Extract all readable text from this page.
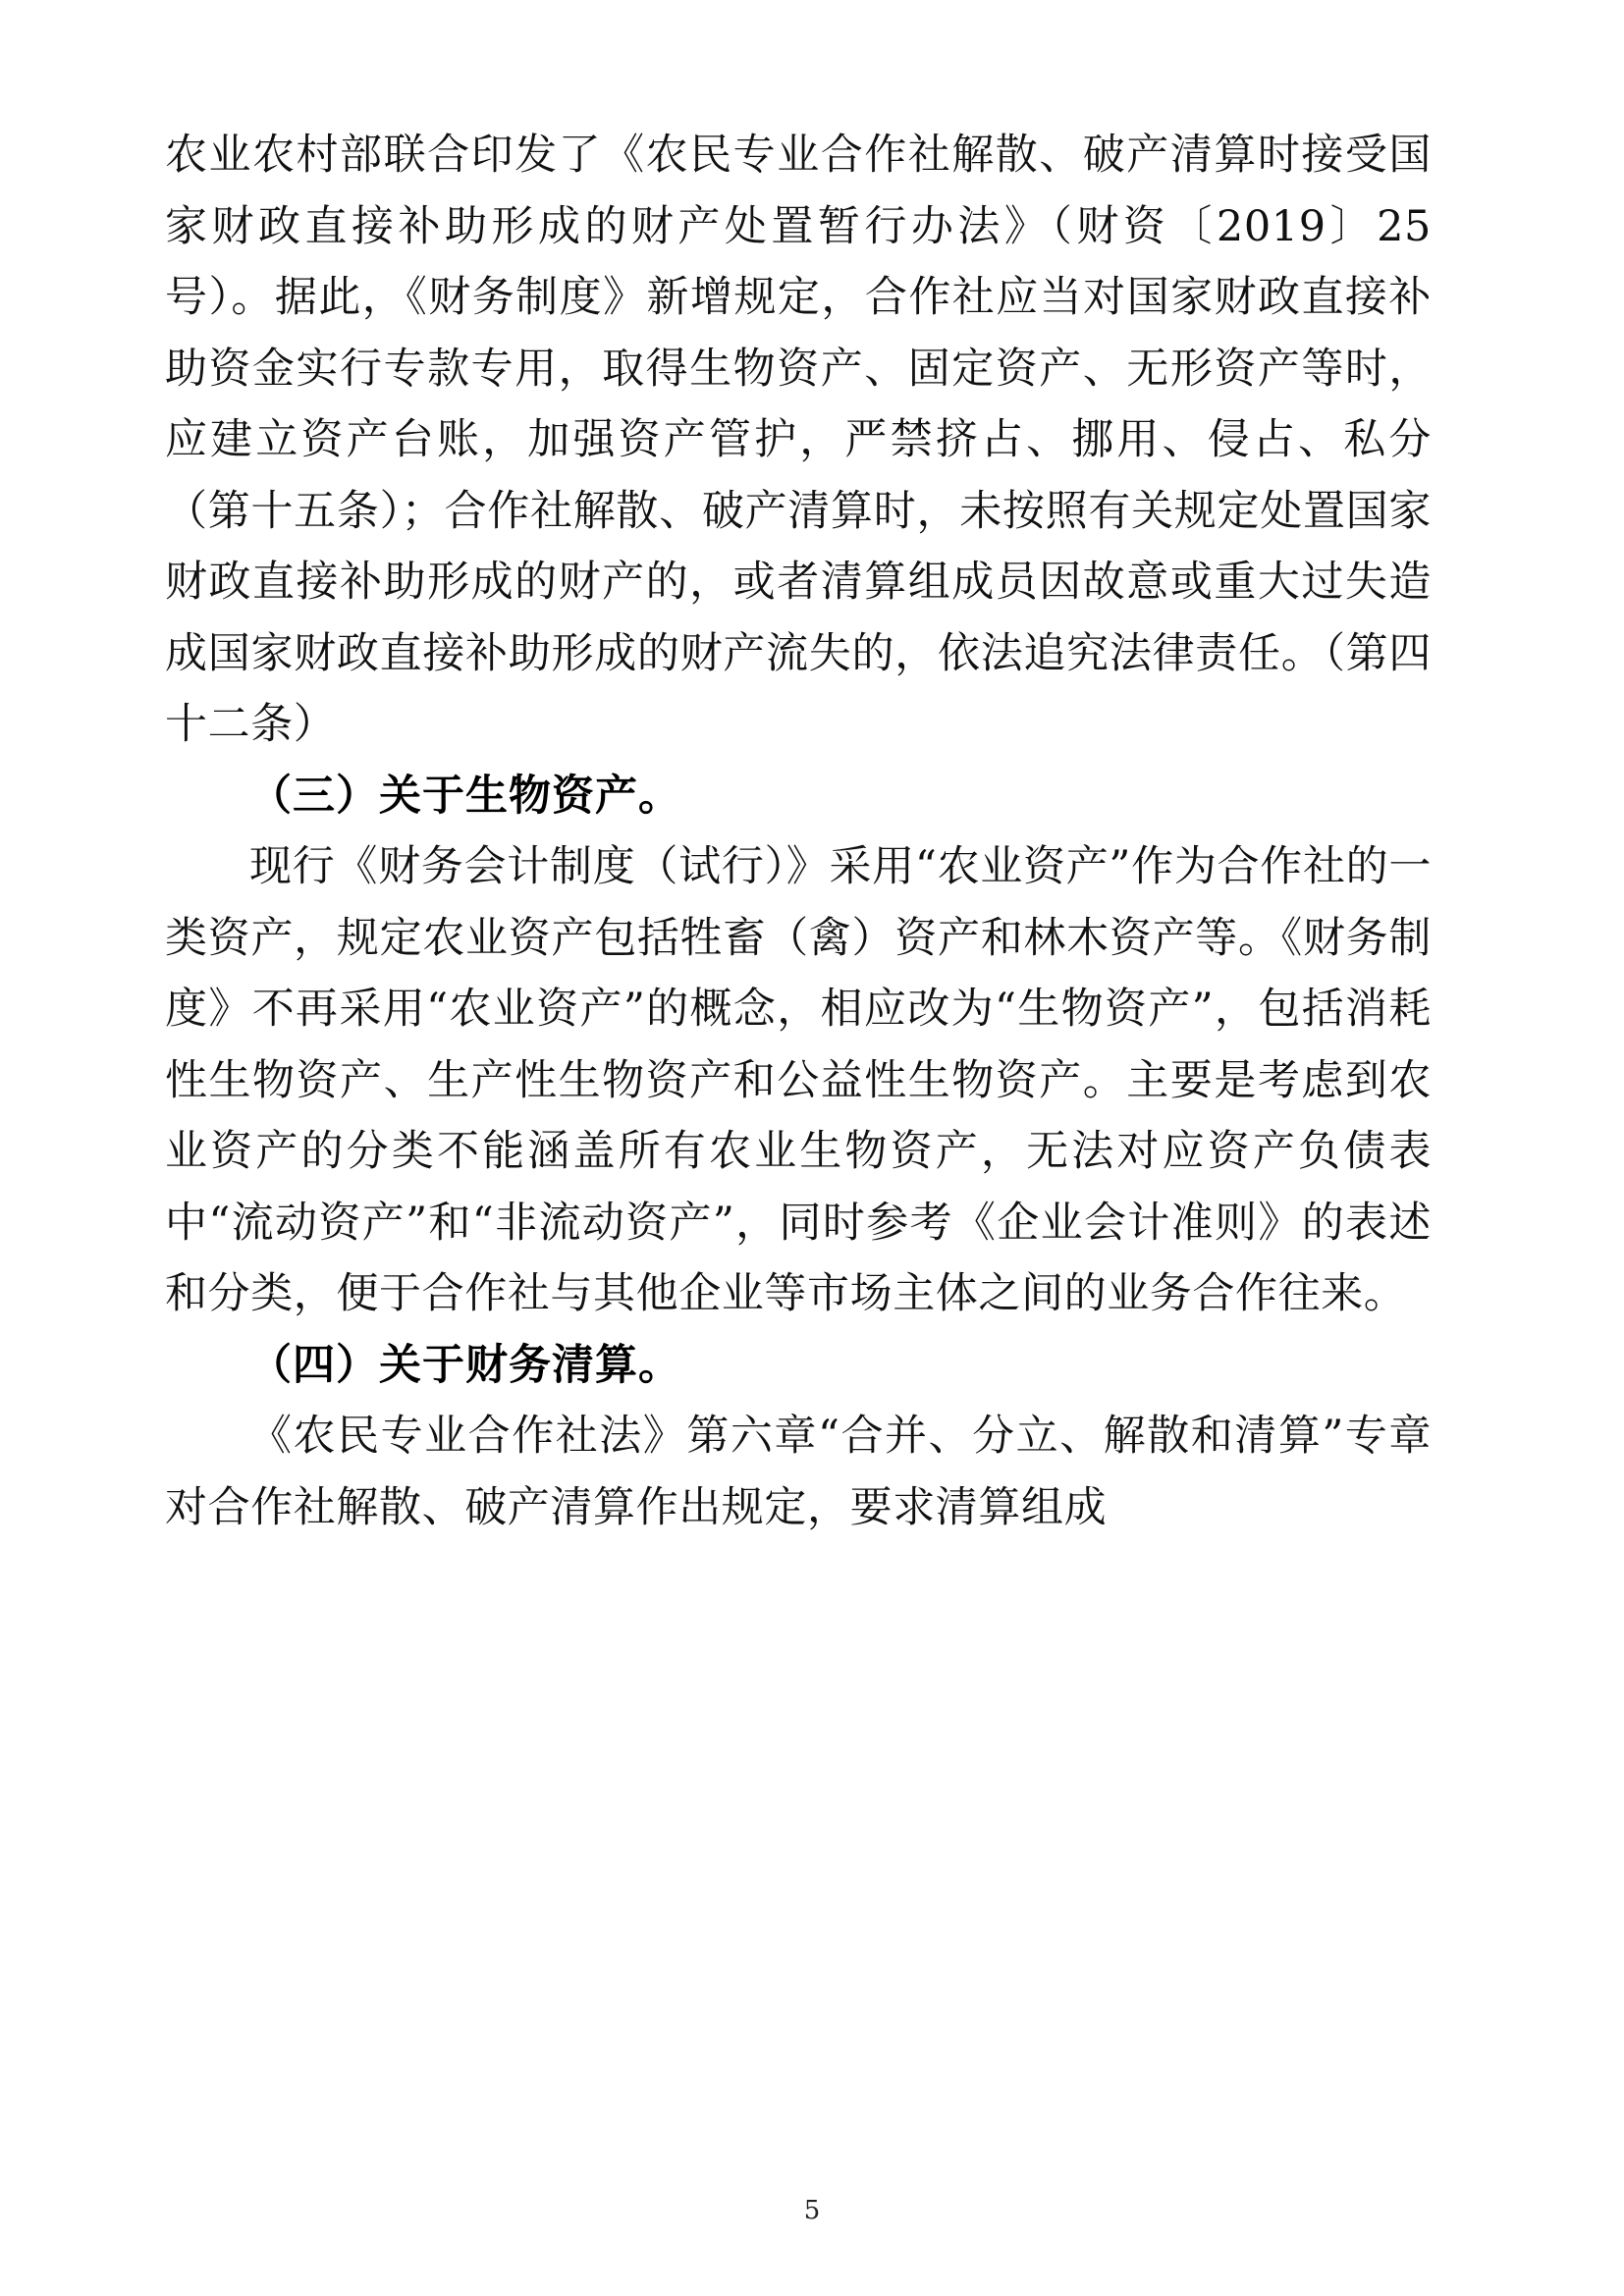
农业农村部联合印发了《农民专业合作社解散、破产清算时接受国家财政直接补助形成的财产处置暂行办法》（财资〔2019〕25号）。据此，《财务制度》新增规定，合作社应当对国家财政直接补助资金实行专款专用，取得生物资产、固定资产、无形资产等时，应建立资产台账，加强资产管护，严禁挤占、挪用、侵占、私分（第十五条）；合作社解散、破产清算时，未按照有关规定处置国家财政直接补助形成的财产的，或者清算组成员因故意或重大过失造成国家财政直接补助形成的财产流失的，依法追究法律责任。（第四十二条）

（三）关于生物资产。

现行《财务会计制度（试行）》采用“农业资产”作为合作社的一类资产，规定农业资产包括牲畜（禽）资产和林木资产等。《财务制度》不再采用“农业资产”的概念，相应改为“生物资产”，包括消耗性生物资产、生产性生物资产和公益性生物资产。主要是考虑到农业资产的分类不能涵盖所有农业生物资产，无法对应资产负债表中“流动资产”和“非流动资产”，同时参考《企业会计准则》的表述和分类，便于合作社与其他企业等市场主体之间的业务合作往来。

（四）关于财务清算。

《农民专业合作社法》第六章“合并、分立、解散和清算”专章对合作社解散、破产清算作出规定，要求清算组成

5
